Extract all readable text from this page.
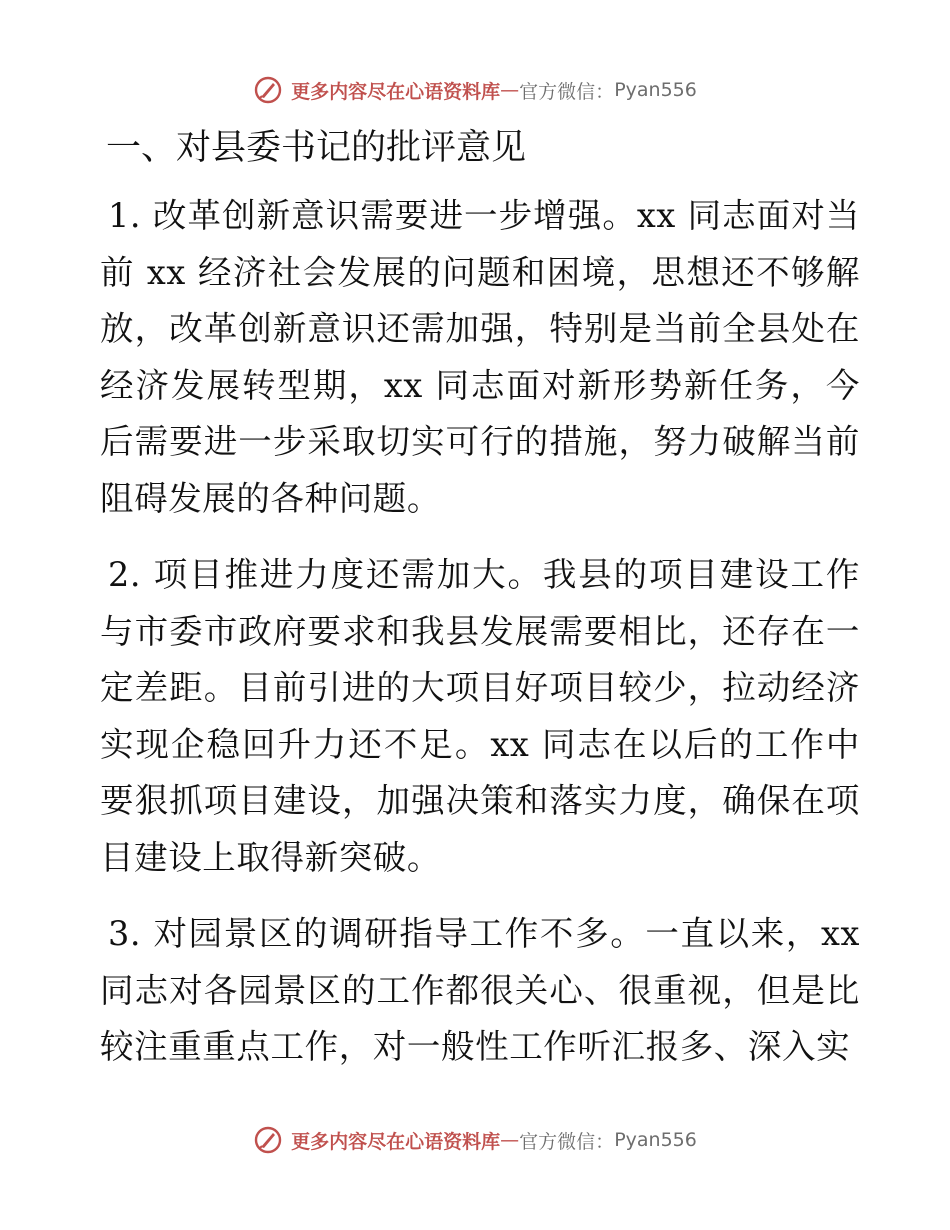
更多内容尽在心语资料库 — 官方微信 ： Pyan556
一、对县委书记的批评意见

1. 改革创新意识需要进一步增强。xx 同志面对当前 xx 经济社会发展的问题和困境，思想还不够解放，改革创新意识还需加强，特别是当前全县处在经济发展转型期，xx 同志面对新形势新任务，今后需要进一步采取切实可行的措施，努力破解当前阻碍发展的各种问题。

2. 项目推进力度还需加大。我县的项目建设工作与市委市政府要求和我县发展需要相比，还存在一定差距。目前引进的大项目好项目较少，拉动经济实现企稳回升力还不足。xx 同志在以后的工作中要狠抓项目建设，加强决策和落实力度，确保在项目建设上取得新突破。

3. 对园景区的调研指导工作不多。一直以来，xx 同志对各园景区的工作都很关心、很重视，但是比较注重重点工作，对一般性工作听汇报多、深入实

更多内容尽在心语资料库 — 官方微信 ： Pyan556
